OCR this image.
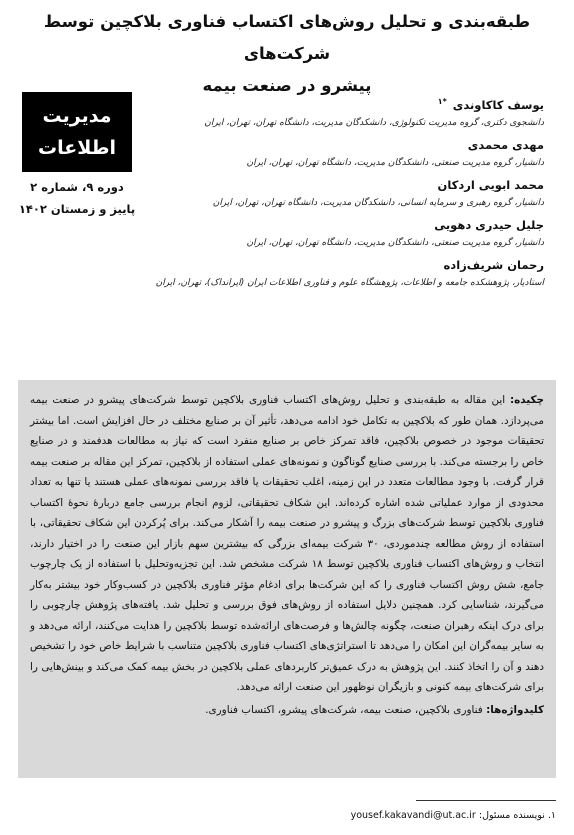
طبقه‌بندی و تحلیل روش‌های اکتساب فناوری بلاکچین توسط شرکت‌های
پیشرو در صنعت بیمه
مدیریت
اطلاعات
دوره ۹، شماره ۲
پاییز و زمستان ۱۴۰۲
یوسف کاکاوندی $^{*۱}$
دانشجوی دکتری، گروه مدیریت تکنولوژی، دانشکدگان مدیریت، دانشگاه تهران، تهران، ایران
مهدی محمدی
دانشیار، گروه مدیریت صنعتی، دانشکدگان مدیریت، دانشگاه تهران، تهران، ایران
محمد ابویی اردکان
دانشیار، گروه رهبری و سرمایه انسانی، دانشکدگان مدیریت، دانشگاه تهران، تهران، ایران
جلیل حیدری دهویی
دانشیار، گروه مدیریت صنعتی، دانشکدگان مدیریت، دانشگاه تهران، تهران، ایران
رحمان شریف‌زاده
استادیار، پژوهشکده جامعه و اطلاعات، پژوهشگاه علوم و فناوری اطلاعات ایران (ایرانداک)، تهران، ایران
چکیده: این مقاله به طبقه‌بندی و تحلیل روش‌های اکتساب فناوری بلاکچین توسط شرکت‌های پیشرو در صنعت بیمه می‌پردازد. همان طور که بلاکچین به تکامل خود ادامه می‌دهد، تأثیر آن بر صنایع مختلف در حال افزایش است. اما بیشتر تحقیقات موجود در خصوص بلاکچین، فاقد تمرکز خاص بر صنایع منفرد است که نیاز به مطالعات هدفمند و در صنایع خاص را برجسته می‌کند. با بررسی صنایع گوناگون و نمونه‌های عملی استفاده از بلاکچین، تمرکز این مقاله بر صنعت بیمه قرار گرفت. با وجود مطالعات متعدد در این زمینه، اغلب تحقیقات یا فاقد بررسی نمونه‌های عملی هستند یا تنها به تعداد محدودی از موارد عملیاتی شده اشاره کرده‌اند. این شکاف تحقیقاتی، لزوم انجام بررسی جامع دربارهٔ نحوهٔ اکتساب فناوری بلاکچین توسط شرکت‌های بزرگ و پیشرو در صنعت بیمه را آشکار می‌کند. برای پُرکردن این شکاف تحقیقاتی، با استفاده از روش مطالعه چندموردی، ۳۰ شرکت بیمه‌ای بزرگی که بیشترین سهم بازار این صنعت را در اختیار دارند، انتخاب و روش‌های اکتساب فناوری بلاکچین توسط ۱۸ شرکت مشخص شد. این تجزیه‌وتحلیل با استفاده از یک چارچوب جامع، شش روش اکتساب فناوری را که این شرکت‌ها برای ادغام مؤثر فناوری بلاکچین در کسب‌وکار خود بیشتر به‌کار می‌گیرند، شناسایی کرد. همچنین دلایل استفاده از روش‌های فوق بررسی و تحلیل شد. یافته‌های پژوهش چارچوبی را برای درک اینکه رهبران صنعت، چگونه چالش‌ها و فرصت‌های ارائه‌شده توسط بلاکچین را هدایت می‌کنند، ارائه می‌دهد و به سایر بیمه‌گران این امکان را می‌دهد تا استراتژی‌های اکتساب فناوری بلاکچین متناسب با شرایط خاص خود را تشخیص دهند و آن را اتخاذ کنند. این پژوهش به درک عمیق‌تر کاربردهای عملی بلاکچین در بخش بیمه کمک می‌کند و بینش‌هایی را برای شرکت‌های بیمه کنونی و بازیگران نوظهور این صنعت ارائه می‌دهد.
کلیدواژه‌ها: فناوری بلاکچین، صنعت بیمه، شرکت‌های پیشرو، اکتساب فناوری.
۱. نویسنده مسئول: yousef.kakavandi@ut.ac.ir
